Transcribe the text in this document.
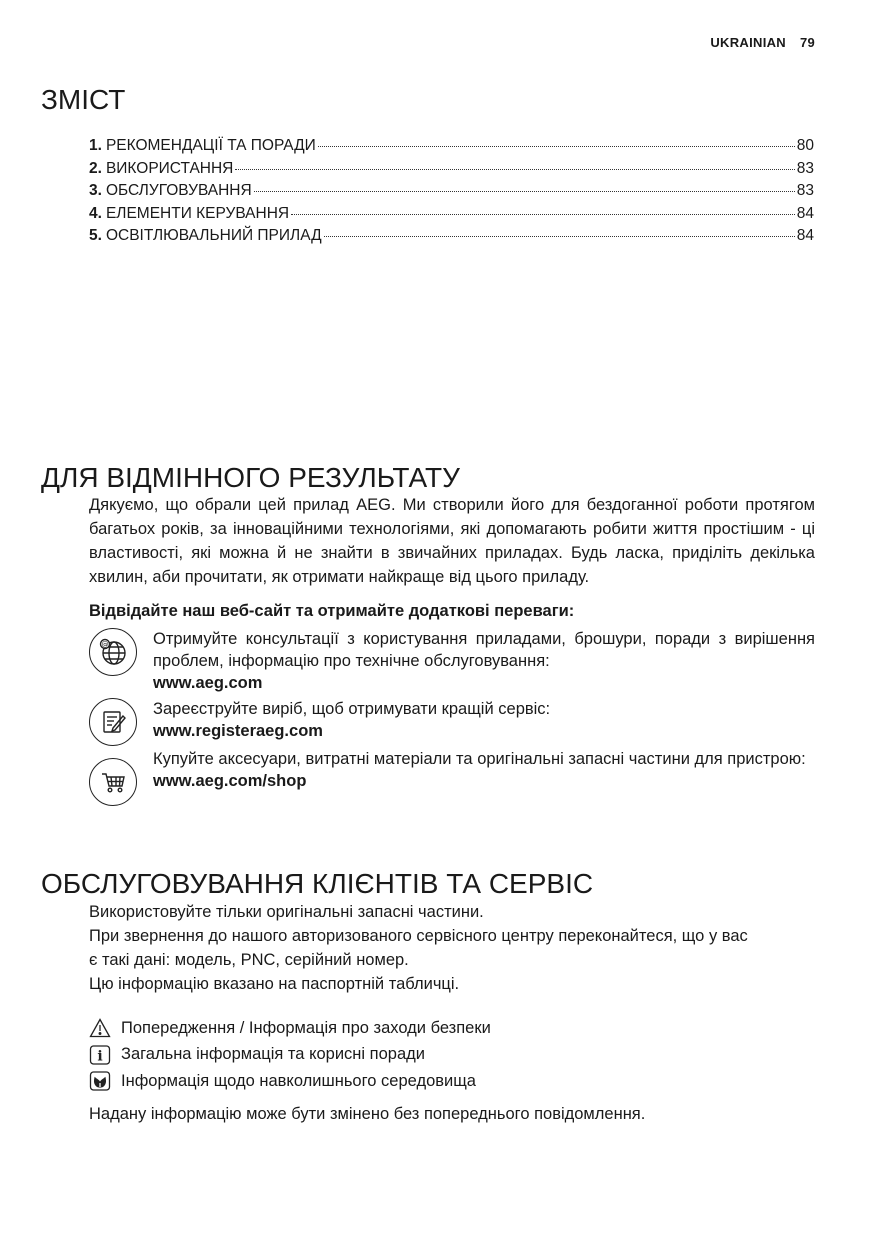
UKRAINIAN 79
ЗМІСТ
1. РЕКОМЕНДАЦІЇ ТА ПОРАДИ	80
2. ВИКОРИСТАННЯ	83
3. ОБСЛУГОВУВАННЯ	83
4. ЕЛЕМЕНТИ КЕРУВАННЯ	84
5. ОСВІТЛЮВАЛЬНИЙ ПРИЛАД	84
ДЛЯ ВІДМІННОГО РЕЗУЛЬТАТУ
Дякуємо, що обрали цей прилад AEG. Ми створили його для бездоганної роботи протягом багатьох років, за інноваційними технологіями, які допомагають робити життя простішим - ці властивості, які можна й не знайти в звичайних приладах. Будь ласка, приділіть декілька хвилин, аби прочитати, як отримати найкраще від цього приладу.
Відвідайте наш веб-сайт та отримайте додаткові переваги:
@	Отримуйте консультації з користування приладами, брошури, поради з вирішення проблем, інформацію про технічне обслуговування:
www.aeg.com
Зареєструйте виріб, щоб отримувати кращій сервіс:
www.registeraeg.com
Купуйте аксесуари, витратні матеріали та оригінальні запасні частини для пристрою:
www.aeg.com/shop
ОБСЛУГОВУВАННЯ КЛІЄНТІВ ТА СЕРВІС
Використовуйте тільки оригінальні запасні частини.
При звернення до нашого авторизованого сервісного центру переконайтеся, що у вас
є такі дані: модель, PNC, серійний номер.
Цю інформацію вказано на паспортній табличці.
Попередження / Інформація про заходи безпеки
i Загальна інформація та корисні поради
Інформація щодо навколишнього середовища
Надану інформацію може бути змінено без попереднього повідомлення.
